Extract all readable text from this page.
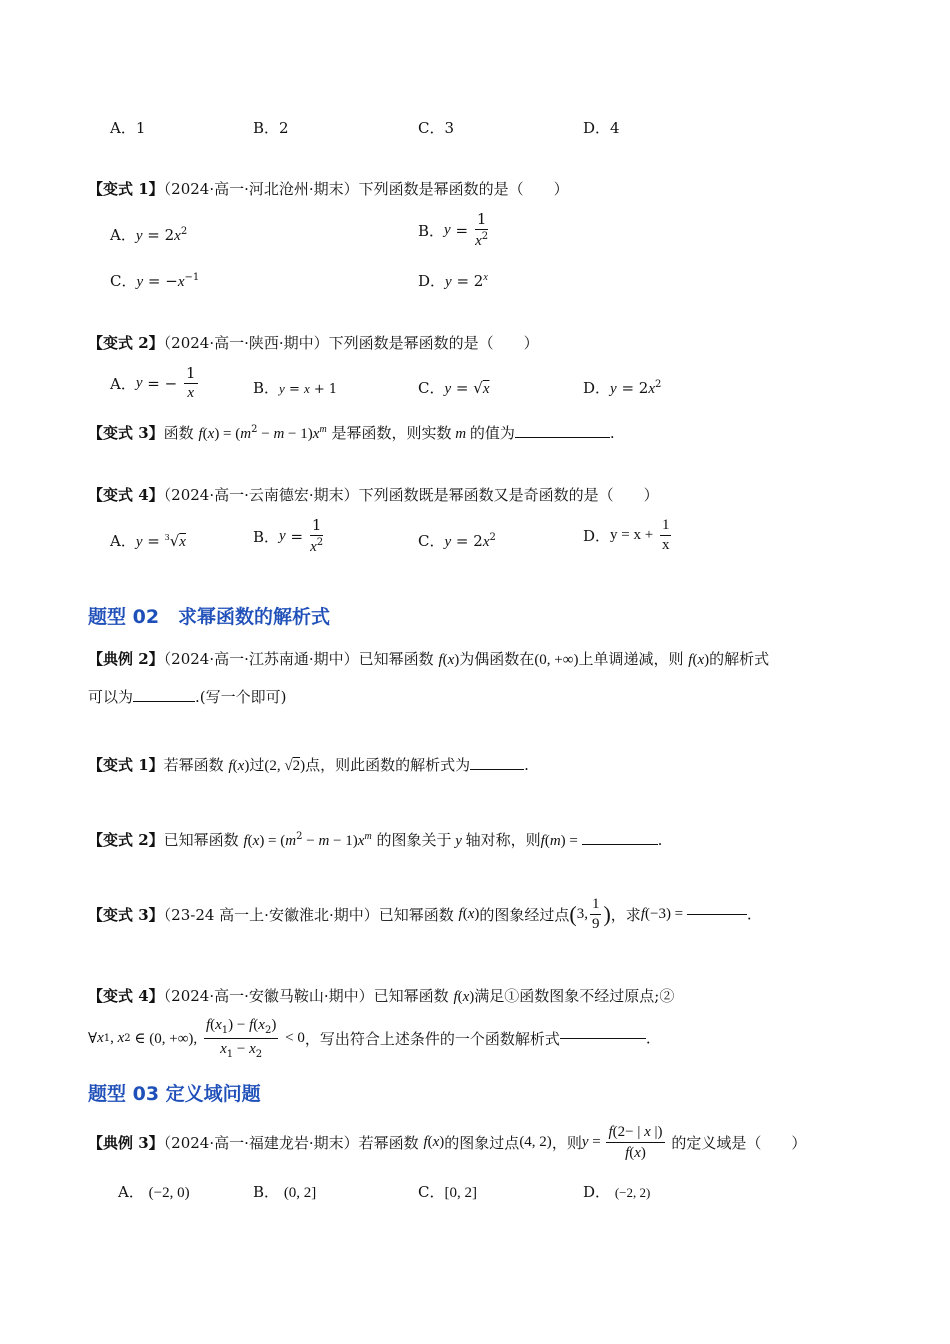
A．1	B．2	C．3	D．4
【变式 1】（2024·高一·河北沧州·期末）下列函数是幂函数的是（　　）
A．$y = 2x^2$	B．$y = \frac{1}{x^2}$
C．$y = -x^{-1}$	D．$y = 2^x$
【变式 2】（2024·高一·陕西·期中）下列函数是幂函数的是（　　）
A．y = − $\frac{1}{x}$	B．y = x + 1	C．y = √x	D．$y = 2x^2$
【变式 3】函数 $f(x) = (m^2 - m - 1)x^m$ 是幂函数，则实数 m 的值为	.
【变式 4】（2024·高一·云南德宏·期末）下列函数既是幂函数又是奇函数的是（　　）
A．y = $^3$√x	B．$y = \frac{1}{x^2}$	C．$y = 2x^2$	D．$y = x + \frac{1}{x}$
题型 02　求幂函数的解析式
【典例 2】（2024·高一·江苏南通·期中）已知幂函数 f(x)为偶函数在(0, +∞)上单调递减，则 f(x)的解析式
可以为	.(写一个即可)
【变式 1】若幂函数 f(x)过(2, √2)点，则此函数的解析式为	.
【变式 2】已知幂函数 $f(x) = (m^2 - m - 1)x^m$ 的图象关于 y 轴对称，则f(m) =	.
【变式 3】（23-24 高一上·安徽淮北·期中）已知幂函数 f(x)的图象经过点(3, $\frac{1}{9}$ )，求f(−3) =	.
【变式 4】（2024·高一·安徽马鞍山·期中）已知幂函数 f(x)满足①函数图象不经过原点;②
∀x1, x2 ∈ (0, +∞), $\frac{f(x_1) - f(x_2)}{x_1 - x_2} < 0$，写出符合上述条件的一个函数解析式	.
题型 03 定义域问题
【典例 3】（2024·高一·福建龙岩·期末）若幂函数 f(x)的图象过点(4, 2)，则$y = \frac{f(2- | x |)}{f(x)}$ 的定义域是（　　）
A． (−2, 0)	B． (0, 2]	C．[0, 2]	D． (−2, 2)
